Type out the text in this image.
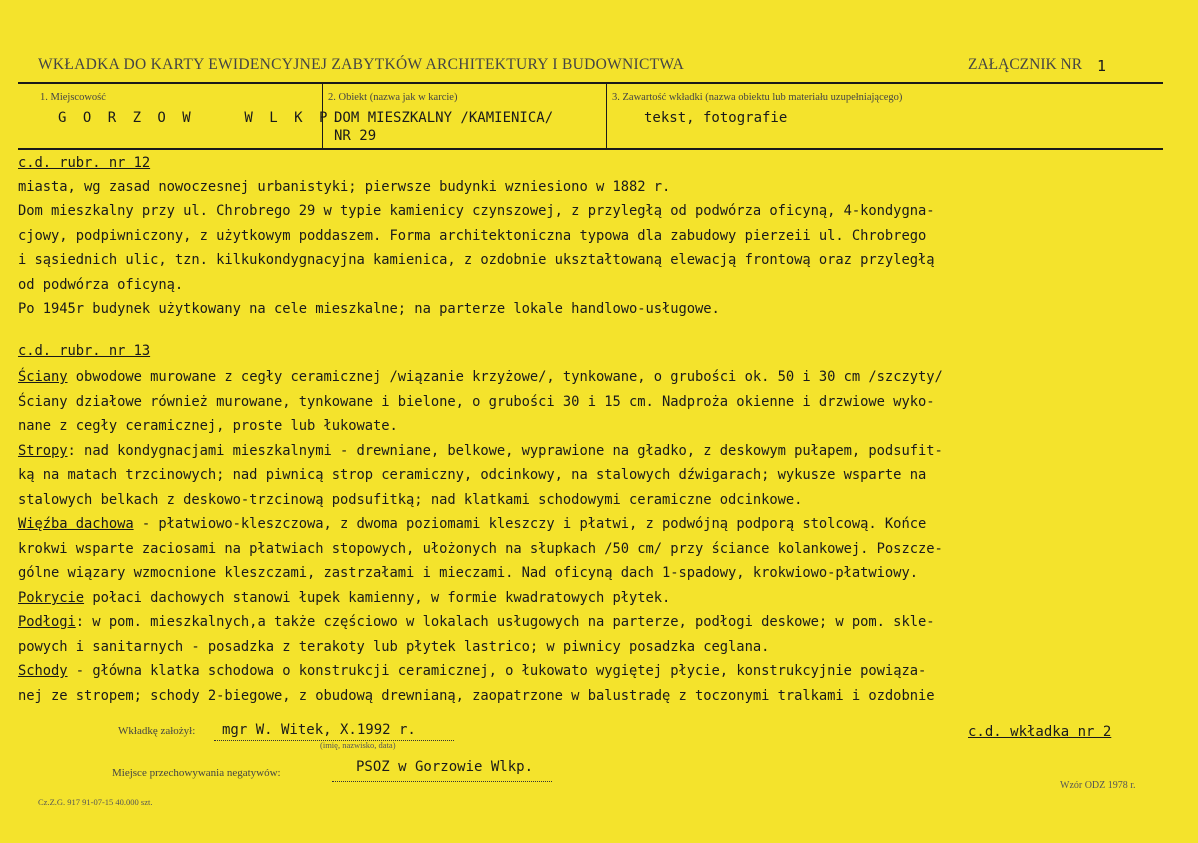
WKŁADKA DO KARTY EWIDENCYJNEJ ZABYTKÓW ARCHITEKTURY I BUDOWNICTWA	ZAŁĄCZNIK NR 1
1. Miejscowość
G O R Z O W    W L K P.
2. Obiekt (nazwa jak w karcie)
DOM MIESZKALNY /KAMIENICA/
NR 29
3. Zawartość wkładki (nazwa obiektu lub materiału uzupełniającego)
tekst, fotografie
c.d. rubr. nr 12
miasta, wg zasad nowoczesnej urbanistyki; pierwsze budynki wzniesiono w 1882 r.
Dom mieszkalny przy ul. Chrobrego 29 w typie kamienicy czynszowej, z przyległą od podwórza oficyną, 4-kondygna-
cjowy, podpiwniczony, z użytkowym poddaszem. Forma architektoniczna typowa dla zabudowy pierzeii ul. Chrobrego
i sąsiednich ulic, tzn. kilkukondygnacyjna kamienica, z ozdobnie ukształtowaną elewacją frontową oraz przyległą
od podwórza oficyną.
Po 1945r budynek użytkowany na cele mieszkalne; na parterze lokale handlowo-usługowe.
c.d. rubr. nr 13
Ściany obwodowe murowane z cegły ceramicznej /wiązanie krzyżowe/, tynkowane, o grubości ok. 50 i 30 cm /szczyty/
Ściany działowe również murowane, tynkowane i bielone, o grubości 30 i 15 cm. Nadproża okienne i drzwiowe wyko-
nane z cegły ceramicznej, proste lub łukowate.
Stropy: nad kondygnacjami mieszkalnymi - drewniane, belkowe, wyprawione na gładko, z deskowym pułapem, podsufit-
ką na matach trzcinowych; nad piwnicą strop ceramiczny, odcinkowy, na stalowych dźwigarach; wykusze wsparte na
stalowych belkach z deskowo-trzcinową podsufitką; nad klatkami schodowymi ceramiczne odcinkowe.
Więźba dachowa - płatwiowo-kleszczowa, z dwoma poziomami kleszczy i płatwi, z podwójną podporą stolcową. Końce
krokwi wsparte zaciosami na płatwiach stopowych, ułożonych na słupkach /50 cm/ przy ściance kolankowej. Poszcze-
gólne wiązary wzmocnione kleszczami, zastrzałami i mieczami. Nad oficyną dach 1-spadowy, krokwiowo-płatwiowy.
Pokrycie połaci dachowych stanowi łupek kamienny, w formie kwadratowych płytek.
Podłogi: w pom. mieszkalnych,a także częściowo w lokalach usługowych na parterze, podłogi deskowe; w pom. skle-
powych i sanitarnych - posadzka z terakoty lub płytek lastrico; w piwnicy posadzka ceglana.
Schody - główna klatka schodowa o konstrukcji ceramicznej, o łukowato wygiętej płycie, konstrukcyjnie powiąza-
nej ze stropem; schody 2-biegowe, z obudową drewnianą, zaopatrzone w balustradę z toczonymi tralkami i ozdobnie
Wkładkę założył: mgr W. Witek, X.1992 r.
(imię, nazwisko, data)
c.d. wkładka nr 2
Miejsce przechowywania negatywów:	PSOZ w Gorzowie Wlkp.
Cz.Z.G. 917 91-07-15 40.000 szt.
Wzór ODZ 1978 r.
